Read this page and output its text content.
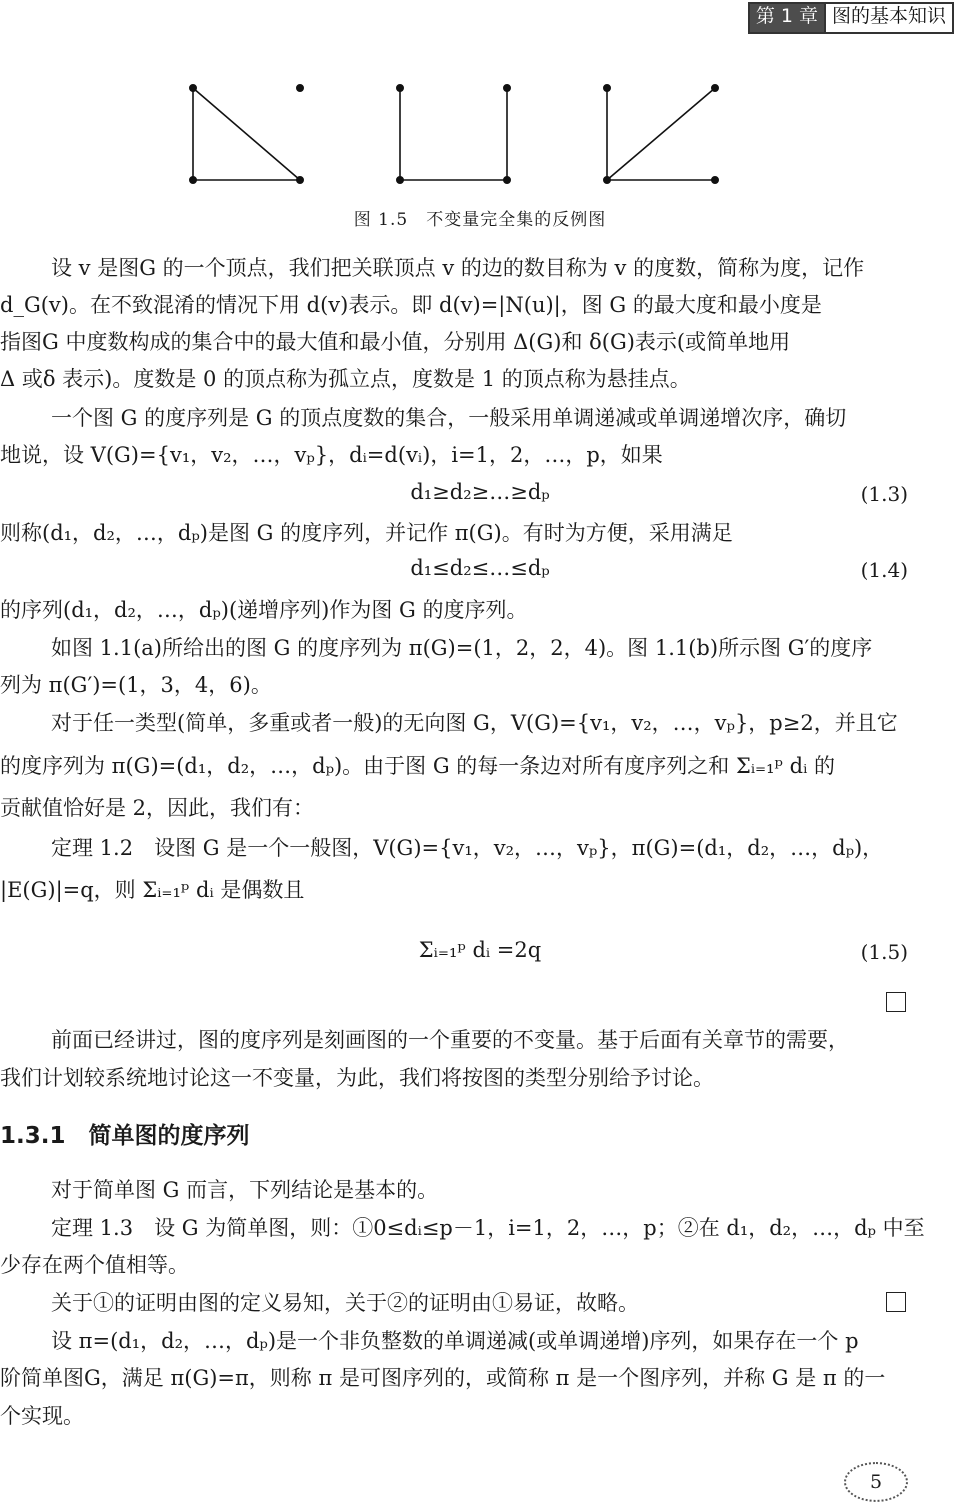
第 1 章 图的基本知识
图 1.5　不变量完全集的反例图
　设 v 是图G 的一个顶点，我们把关联顶点 v 的边的数目称为 v 的度数，简称为度，记作
d_G(v)。在不致混淆的情况下用 d(v)表示。即 d(v)=|N(u)|，图 G 的最大度和最小度是
指图G 中度数构成的集合中的最大值和最小值，分别用 Δ(G)和 δ(G)表示(或简单地用
Δ 或δ 表示)。度数是 0 的顶点称为孤立点，度数是 1 的顶点称为悬挂点。
　一个图 G 的度序列是 G 的顶点度数的集合，一般采用单调递减或单调递增次序，确切
地说，设 V(G)={v₁，v₂，…，vₚ}，dᵢ=d(vᵢ)，i=1，2，…，p，如果
d₁≥d₂≥…≥dₚ	(1.3)
则称(d₁，d₂，…，dₚ)是图 G 的度序列，并记作 π(G)。有时为方便，采用满足
d₁≤d₂≤…≤dₚ	(1.4)
的序列(d₁，d₂，…，dₚ)(递增序列)作为图 G 的度序列。
　如图 1.1(a)所给出的图 G 的度序列为 π(G)=(1，2，2，4)。图 1.1(b)所示图 G′的度序
列为 π(G′)=(1，3，4，6)。
　对于任一类型(简单，多重或者一般)的无向图 G，V(G)={v₁，v₂，…，vₚ}，p≥2，并且它
的度序列为 π(G)=(d₁，d₂，…，dₚ)。由于图 G 的每一条边对所有度序列之和 Σᵢ₌₁ᵖ dᵢ 的
贡献值恰好是 2，因此，我们有：
　定理 1.2　设图 G 是一个一般图，V(G)={v₁，v₂，…，vₚ}，π(G)=(d₁，d₂，…，dₚ)，
|E(G)|=q，则 Σᵢ₌₁ᵖ dᵢ 是偶数且
Σᵢ₌₁ᵖ dᵢ =2q	(1.5)
　前面已经讲过，图的度序列是刻画图的一个重要的不变量。基于后面有关章节的需要，
我们计划较系统地讨论这一不变量，为此，我们将按图的类型分别给予讨论。
1.3.1　简单图的度序列
　对于简单图 G 而言，下列结论是基本的。
　定理 1.3　设 G 为简单图，则：①0≤dᵢ≤p－1，i=1，2，…，p；②在 d₁，d₂，…，dₚ 中至
少存在两个值相等。
　关于①的证明由图的定义易知，关于②的证明由①易证，故略。
　设 π=(d₁，d₂，…，dₚ)是一个非负整数的单调递减(或单调递增)序列，如果存在一个 p
阶简单图G，满足 π(G)=π，则称 π 是可图序列的，或简称 π 是一个图序列，并称 G 是 π 的一
个实现。
5
